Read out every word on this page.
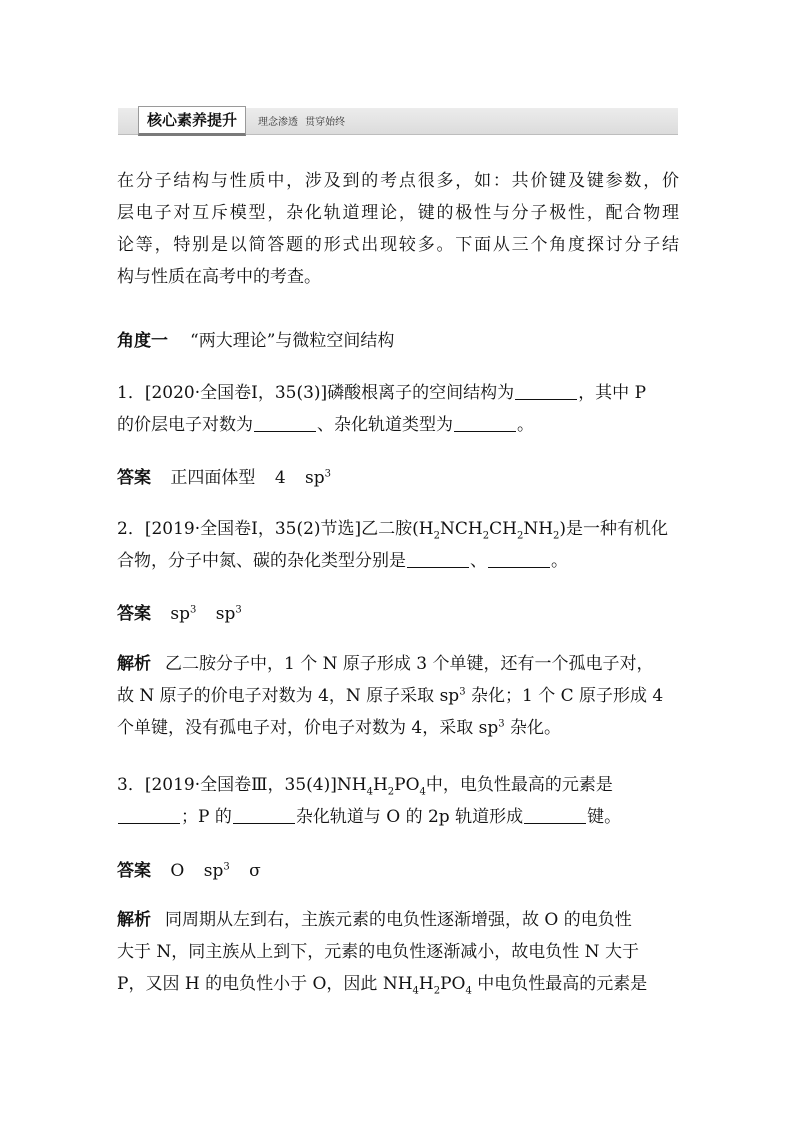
核心素养提升	理念渗透 贯穿始终
在分子结构与性质中，涉及到的考点很多，如：共价键及键参数，价
层电子对互斥模型，杂化轨道理论，键的极性与分子极性，配合物理
论等，特别是以简答题的形式出现较多。下面从三个角度探讨分子结
构与性质在高考中的考查。
角度一 “两大理论”与微粒空间结构
1．[2020·全国卷Ⅰ，35(3)]磷酸根离子的空间结构为	，其中 P
的价层电子对数为	、杂化轨道类型为	。
答案 正四面体型 4 $sp^3$
2．[2019·全国卷Ⅰ，35(2)节选]乙二胺$(H_2NCH_2CH_2NH_2)$是一种有机化
合物，分子中氮、碳的杂化类型分别是	、	。
答案 $sp^3$ $sp^3$
解析 乙二胺分子中，1 个 N 原子形成 3 个单键，还有一个孤电子对，
故 N 原子的价电子对数为 4，N 原子采取 $sp^3$ 杂化；1 个 C 原子形成 4
个单键，没有孤电子对，价电子对数为 4，采取 $sp^3$ 杂化。
3．[2019·全国卷Ⅲ，$35(4)]NH_4H_2PO_4$中，电负性最高的元素是
；P 的	杂化轨道与 O 的 2p 轨道形成	键。
答案 O $sp^3$ σ
解析 同周期从左到右，主族元素的电负性逐渐增强，故 O 的电负性
大于 N，同主族从上到下，元素的电负性逐渐减小，故电负性 N 大于
P，又因 H 的电负性小于 O，因此 $NH_4H_2PO_4$ 中电负性最高的元素是
